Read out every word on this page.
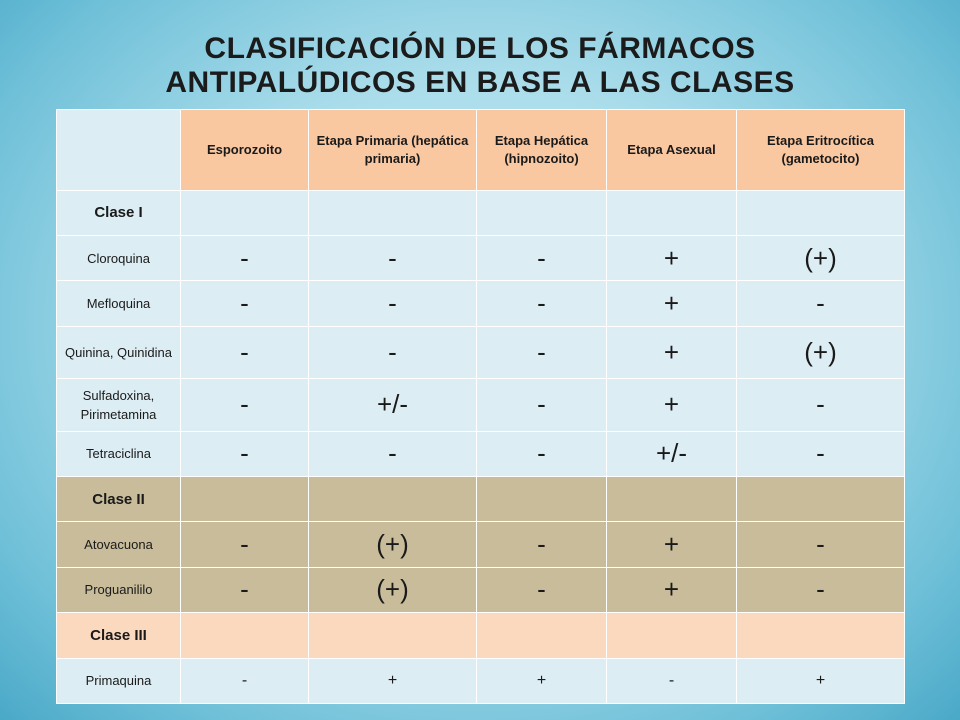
CLASIFICACIÓN DE LOS FÁRMACOS
ANTIPALÚDICOS EN BASE A LAS CLASES
	Esporozoito	Etapa Primaria (hepática primaria)	Etapa Hepática (hipnozoito)	Etapa Asexual	Etapa Eritrocítica (gametocito)
Clase I					
Cloroquina	-	-	-	+	(+)
Mefloquina	-	-	-	+	-
Quinina, Quinidina	-	-	-	+	(+)
Sulfadoxina, Pirimetamina	-	+/-	-	+	-
Tetraciclina	-	-	-	+/-	-
Clase II					
Atovacuona	-	(+)	-	+	-
Proguanililo	-	(+)	-	+	-
Clase III					
Primaquina	-	+	+	-	+
